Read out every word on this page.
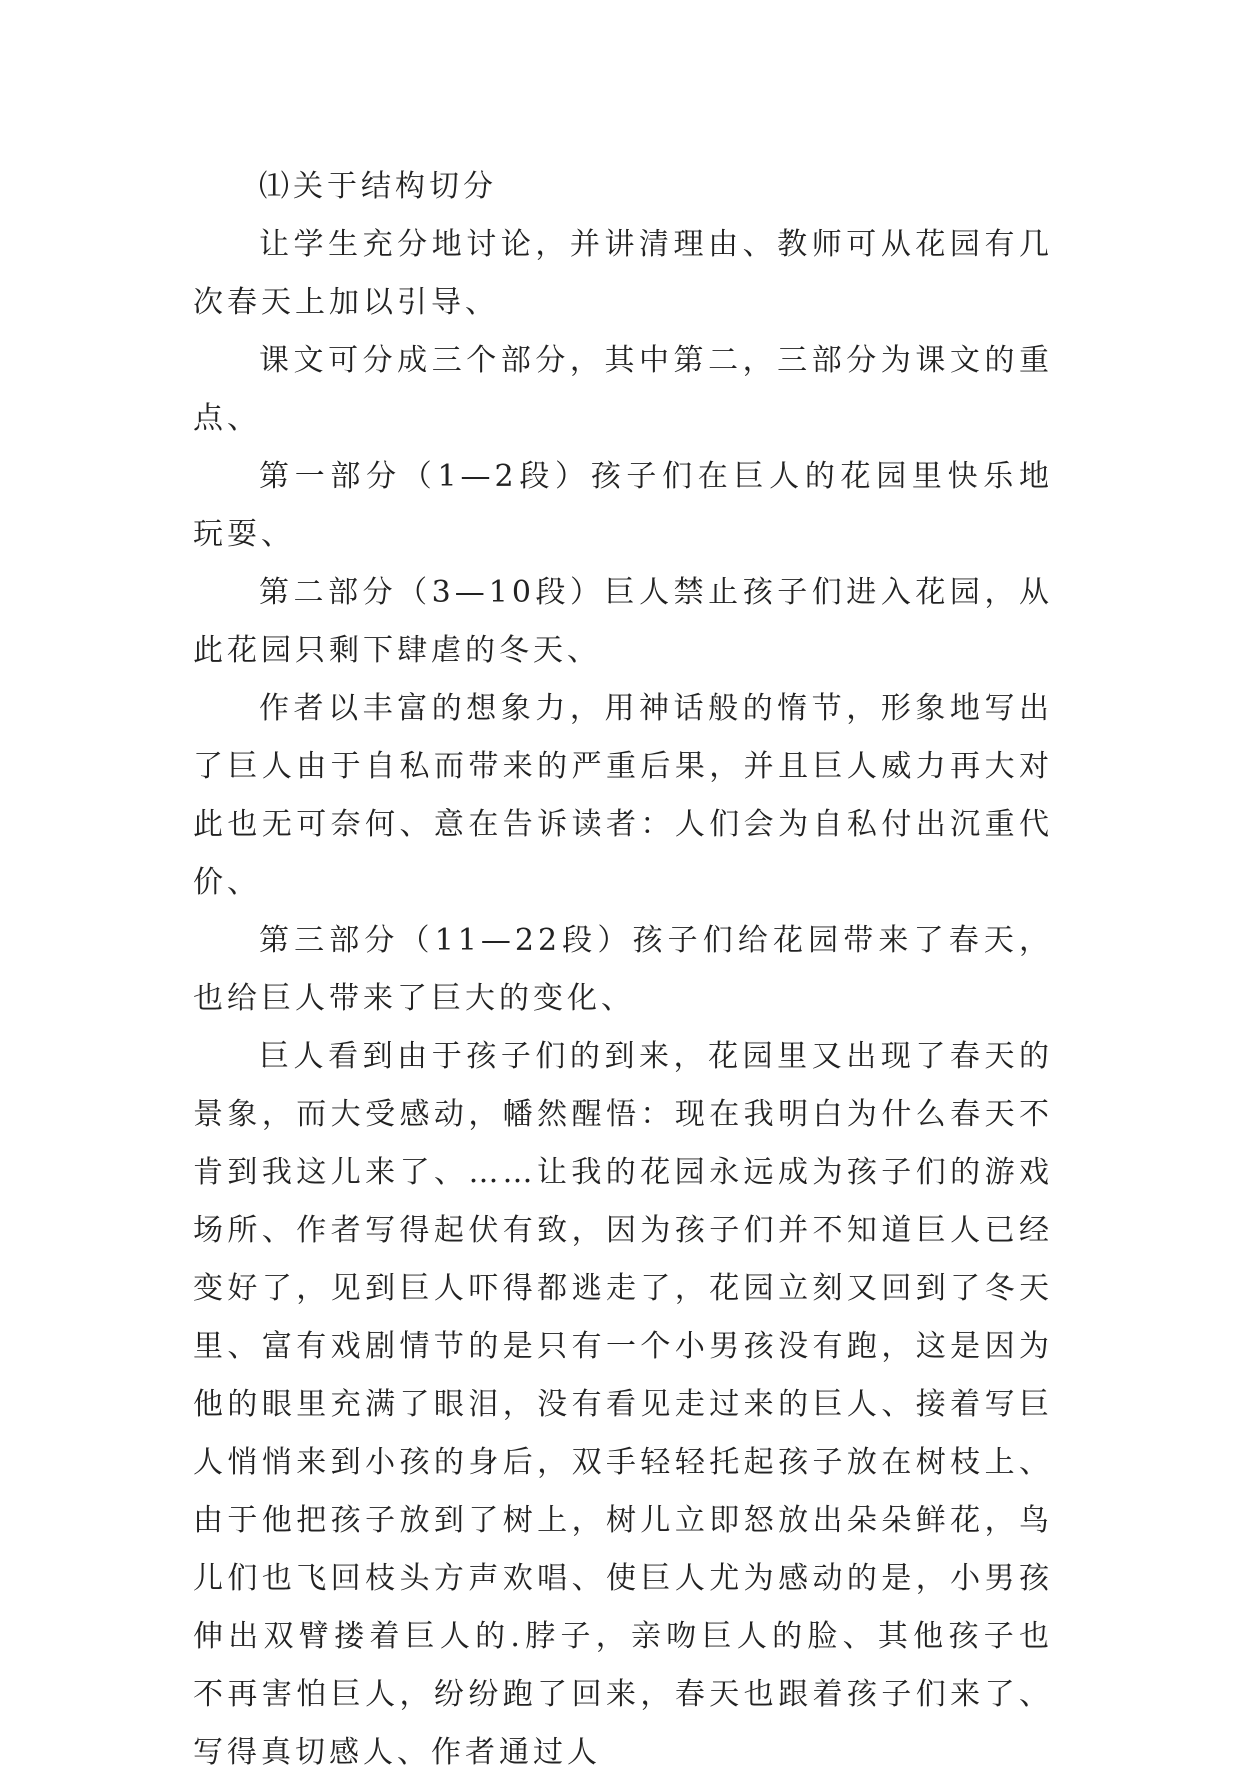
⑴关于结构切分

让学生充分地讨论，并讲清理由、教师可从花园有几次春天上加以引导、

课文可分成三个部分，其中第二，三部分为课文的重点、

第一部分（1—2段）孩子们在巨人的花园里快乐地玩耍、

第二部分（3—10段）巨人禁止孩子们进入花园，从此花园只剩下肆虐的冬天、

作者以丰富的想象力，用神话般的惰节，形象地写出了巨人由于自私而带来的严重后果，并且巨人威力再大对此也无可奈何、意在告诉读者：人们会为自私付出沉重代价、

第三部分（11—22段）孩子们给花园带来了春天，也给巨人带来了巨大的变化、

巨人看到由于孩子们的到来，花园里又出现了春天的景象，而大受感动，幡然醒悟：现在我明白为什么春天不肯到我这儿来了、……让我的花园永远成为孩子们的游戏场所、作者写得起伏有致，因为孩子们并不知道巨人已经变好了，见到巨人吓得都逃走了，花园立刻又回到了冬天里、富有戏剧情节的是只有一个小男孩没有跑，这是因为他的眼里充满了眼泪，没有看见走过来的巨人、接着写巨人悄悄来到小孩的身后，双手轻轻托起孩子放在树枝上、由于他把孩子放到了树上，树儿立即怒放出朵朵鲜花，鸟儿们也飞回枝头方声欢唱、使巨人尤为感动的是，小男孩伸出双臂搂着巨人的.脖子，亲吻巨人的脸、其他孩子也不再害怕巨人，纷纷跑了回来，春天也跟着孩子们来了、写得真切感人、作者通过人
